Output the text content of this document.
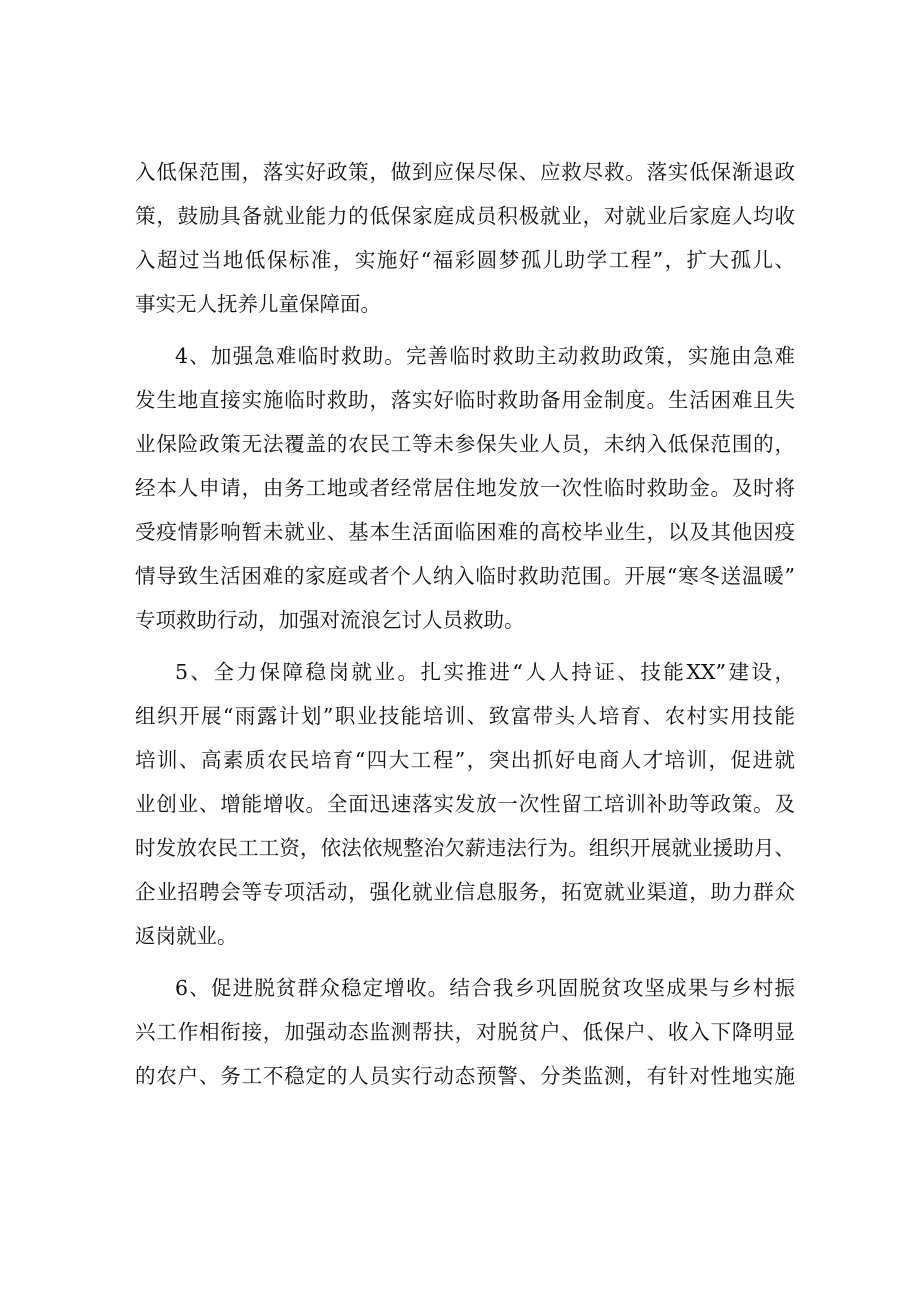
入低保范围，落实好政策，做到应保尽保、应救尽救。落实低保渐退政
策，鼓励具备就业能力的低保家庭成员积极就业，对就业后家庭人均收
入超过当地低保标准，实施好“福彩圆梦孤儿助学工程”，扩大孤儿、
事实无人抚养儿童保障面。
4、加强急难临时救助。完善临时救助主动救助政策，实施由急难
发生地直接实施临时救助，落实好临时救助备用金制度。生活困难且失
业保险政策无法覆盖的农民工等未参保失业人员，未纳入低保范围的，
经本人申请，由务工地或者经常居住地发放一次性临时救助金。及时将
受疫情影响暂未就业、基本生活面临困难的高校毕业生，以及其他因疫
情导致生活困难的家庭或者个人纳入临时救助范围。开展“寒冬送温暖”
专项救助行动，加强对流浪乞讨人员救助。
5、全力保障稳岗就业。扎实推进“人人持证、技能XX”建设，
组织开展“雨露计划”职业技能培训、致富带头人培育、农村实用技能
培训、高素质农民培育“四大工程”，突出抓好电商人才培训，促进就
业创业、增能增收。全面迅速落实发放一次性留工培训补助等政策。及
时发放农民工工资，依法依规整治欠薪违法行为。组织开展就业援助月、
企业招聘会等专项活动，强化就业信息服务，拓宽就业渠道，助力群众
返岗就业。
6、促进脱贫群众稳定增收。结合我乡巩固脱贫攻坚成果与乡村振
兴工作相衔接，加强动态监测帮扶，对脱贫户、低保户、收入下降明显
的农户、务工不稳定的人员实行动态预警、分类监测，有针对性地实施
